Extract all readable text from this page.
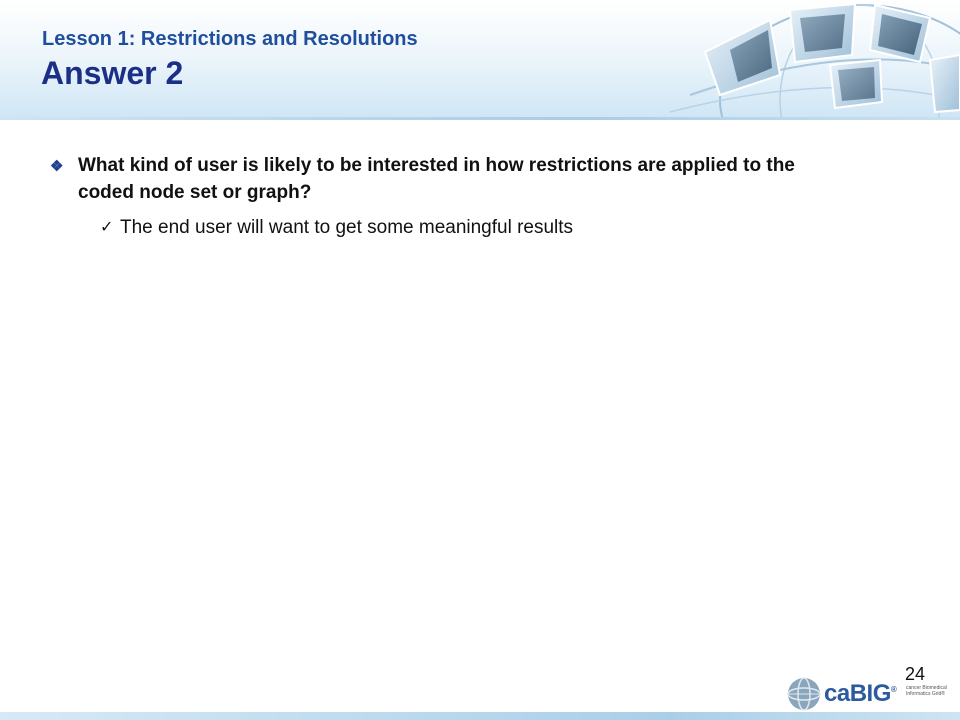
Lesson 1: Restrictions and Resolutions
Answer 2
❖ What kind of user is likely to be interested in how restrictions are applied to the coded node set or graph?
✓ The end user will want to get some meaningful results
24
caBIG® cancer Biomedical Informatics Grid®
